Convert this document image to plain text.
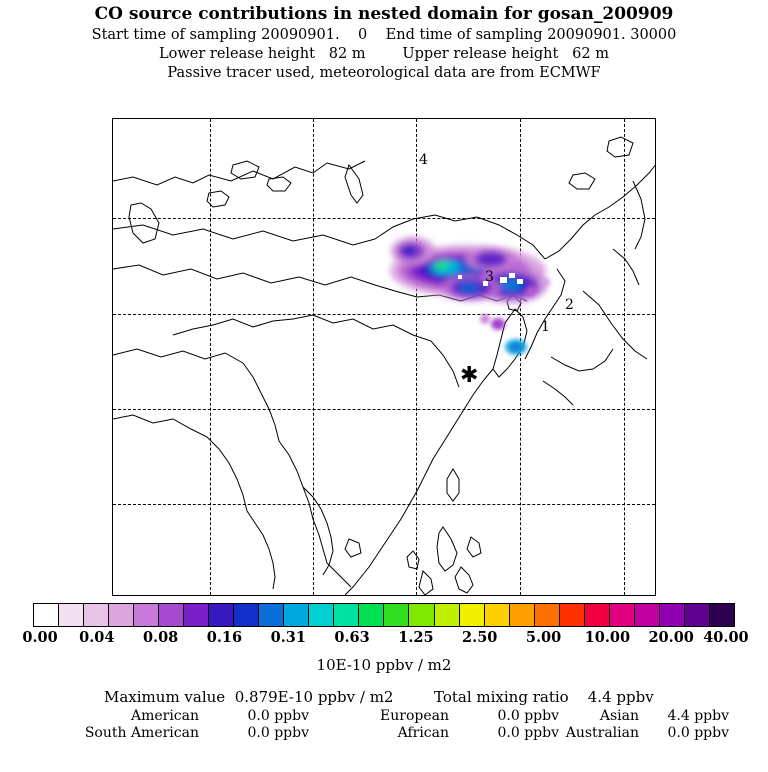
CO source contributions in nested domain for gosan_200909
Start time of sampling 20090901.    0    End time of sampling 20090901. 30000
Lower release height   82 m        Upper release height   62 m
Passive tracer used, meteorological data are from ECMWF
4
3
2
1
✱
0.00 0.04 0.08 0.16 0.31 0.63 1.25 2.50 5.00 10.00 20.00 40.00
10E-10 ppbv / m2
Maximum value 0.879E-10 ppbv / m2	Total mixing ratio 4.4 ppbv
American	0.0 ppbv	European	0.0 ppbv	Asian	4.4 ppbv
South American	0.0 ppbv	African	0.0 ppbv Australian	0.0 ppbv
